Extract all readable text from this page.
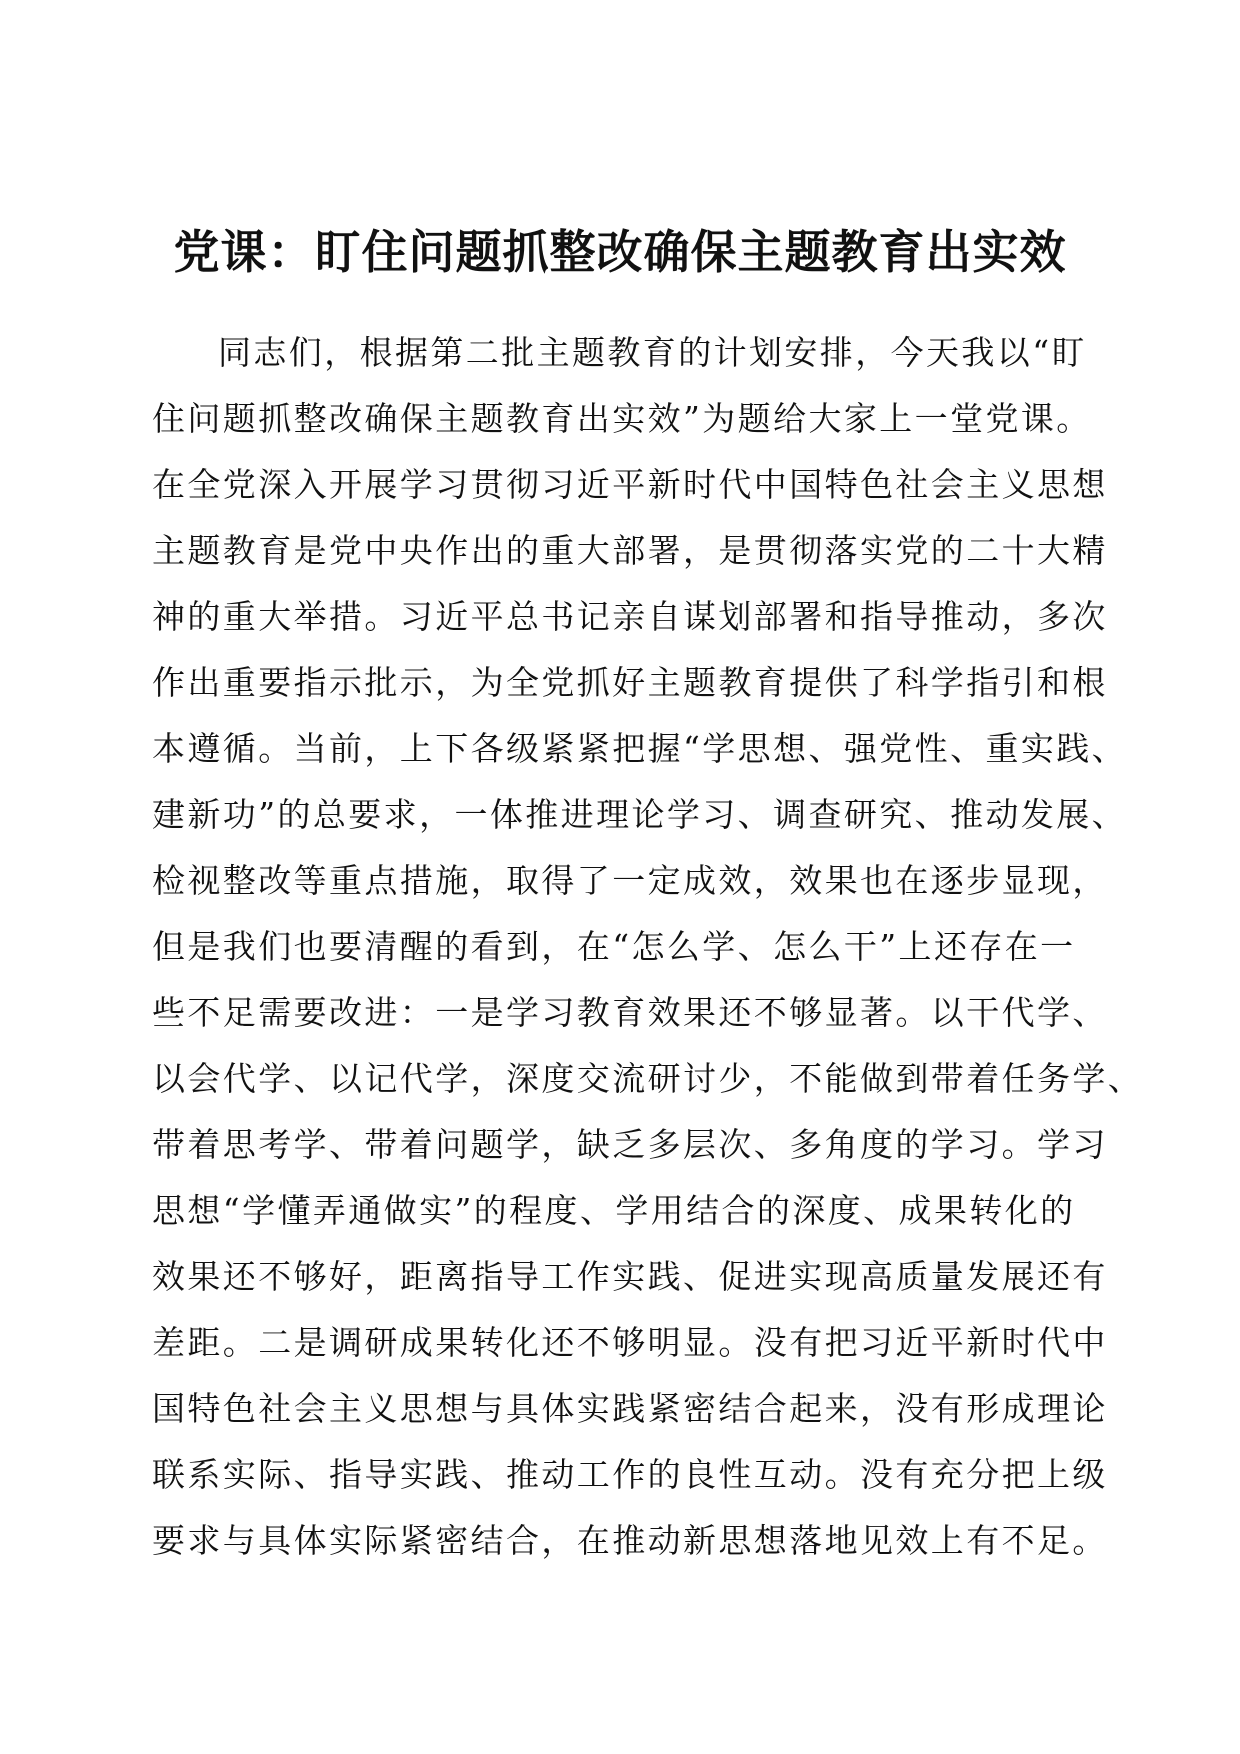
党课：盯住问题抓整改确保主题教育出实效
同志们，根据第二批主题教育的计划安排，今天我以“盯
住问题抓整改确保主题教育出实效”为题给大家上一堂党课。
在全党深入开展学习贯彻习近平新时代中国特色社会主义思想
主题教育是党中央作出的重大部署，是贯彻落实党的二十大精
神的重大举措。习近平总书记亲自谋划部署和指导推动，多次
作出重要指示批示，为全党抓好主题教育提供了科学指引和根
本遵循。当前，上下各级紧紧把握“学思想、强党性、重实践、
建新功”的总要求，一体推进理论学习、调查研究、推动发展、
检视整改等重点措施，取得了一定成效，效果也在逐步显现，
但是我们也要清醒的看到，在“怎么学、怎么干”上还存在一
些不足需要改进：一是学习教育效果还不够显著。以干代学、
以会代学、以记代学，深度交流研讨少，不能做到带着任务学、
带着思考学、带着问题学，缺乏多层次、多角度的学习。学习
思想“学懂弄通做实”的程度、学用结合的深度、成果转化的
效果还不够好，距离指导工作实践、促进实现高质量发展还有
差距。二是调研成果转化还不够明显。没有把习近平新时代中
国特色社会主义思想与具体实践紧密结合起来，没有形成理论
联系实际、指导实践、推动工作的良性互动。没有充分把上级
要求与具体实际紧密结合，在推动新思想落地见效上有不足。
